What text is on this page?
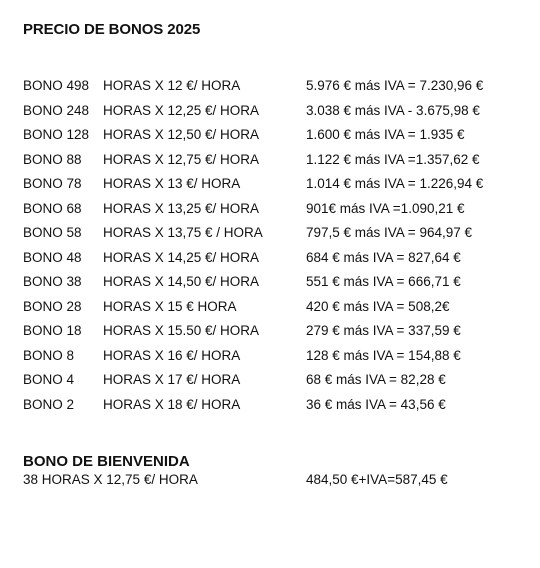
PRECIO DE BONOS 2025
BONO 498 HORAS X 12 €/ HORA	5.976 € más IVA = 7.230,96 €
BONO 248 HORAS X 12,25 €/ HORA	3.038 € más IVA - 3.675,98 €
BONO 128 HORAS X 12,50 €/ HORA	1.600 € más IVA = 1.935 €
BONO 88 HORAS X 12,75 €/ HORA	1.122 € más IVA =1.357,62 €
BONO 78 HORAS X 13 €/ HORA	1.014 € más IVA = 1.226,94 €
BONO 68 HORAS X 13,25 €/ HORA	901€ más IVA =1.090,21 €
BONO 58 HORAS X 13,75 € / HORA	797,5 € más IVA = 964,97 €
BONO 48 HORAS X 14,25 €/ HORA	684 € más IVA = 827,64 €
BONO 38 HORAS X 14,50 €/ HORA	551 € más IVA = 666,71 €
BONO 28 HORAS X 15 € HORA	420 € más IVA = 508,2€
BONO 18 HORAS X 15.50 €/ HORA	279 € más IVA = 337,59 €
BONO 8 HORAS X 16 €/ HORA	128 € más IVA = 154,88 €
BONO 4 HORAS X 17 €/ HORA	68 € más IVA = 82,28 €
BONO 2 HORAS X 18 €/ HORA	36 € más IVA = 43,56 €
BONO DE BIENVENIDA
38 HORAS X 12,75 €/ HORA	484,50 €+IVA=587,45 €
